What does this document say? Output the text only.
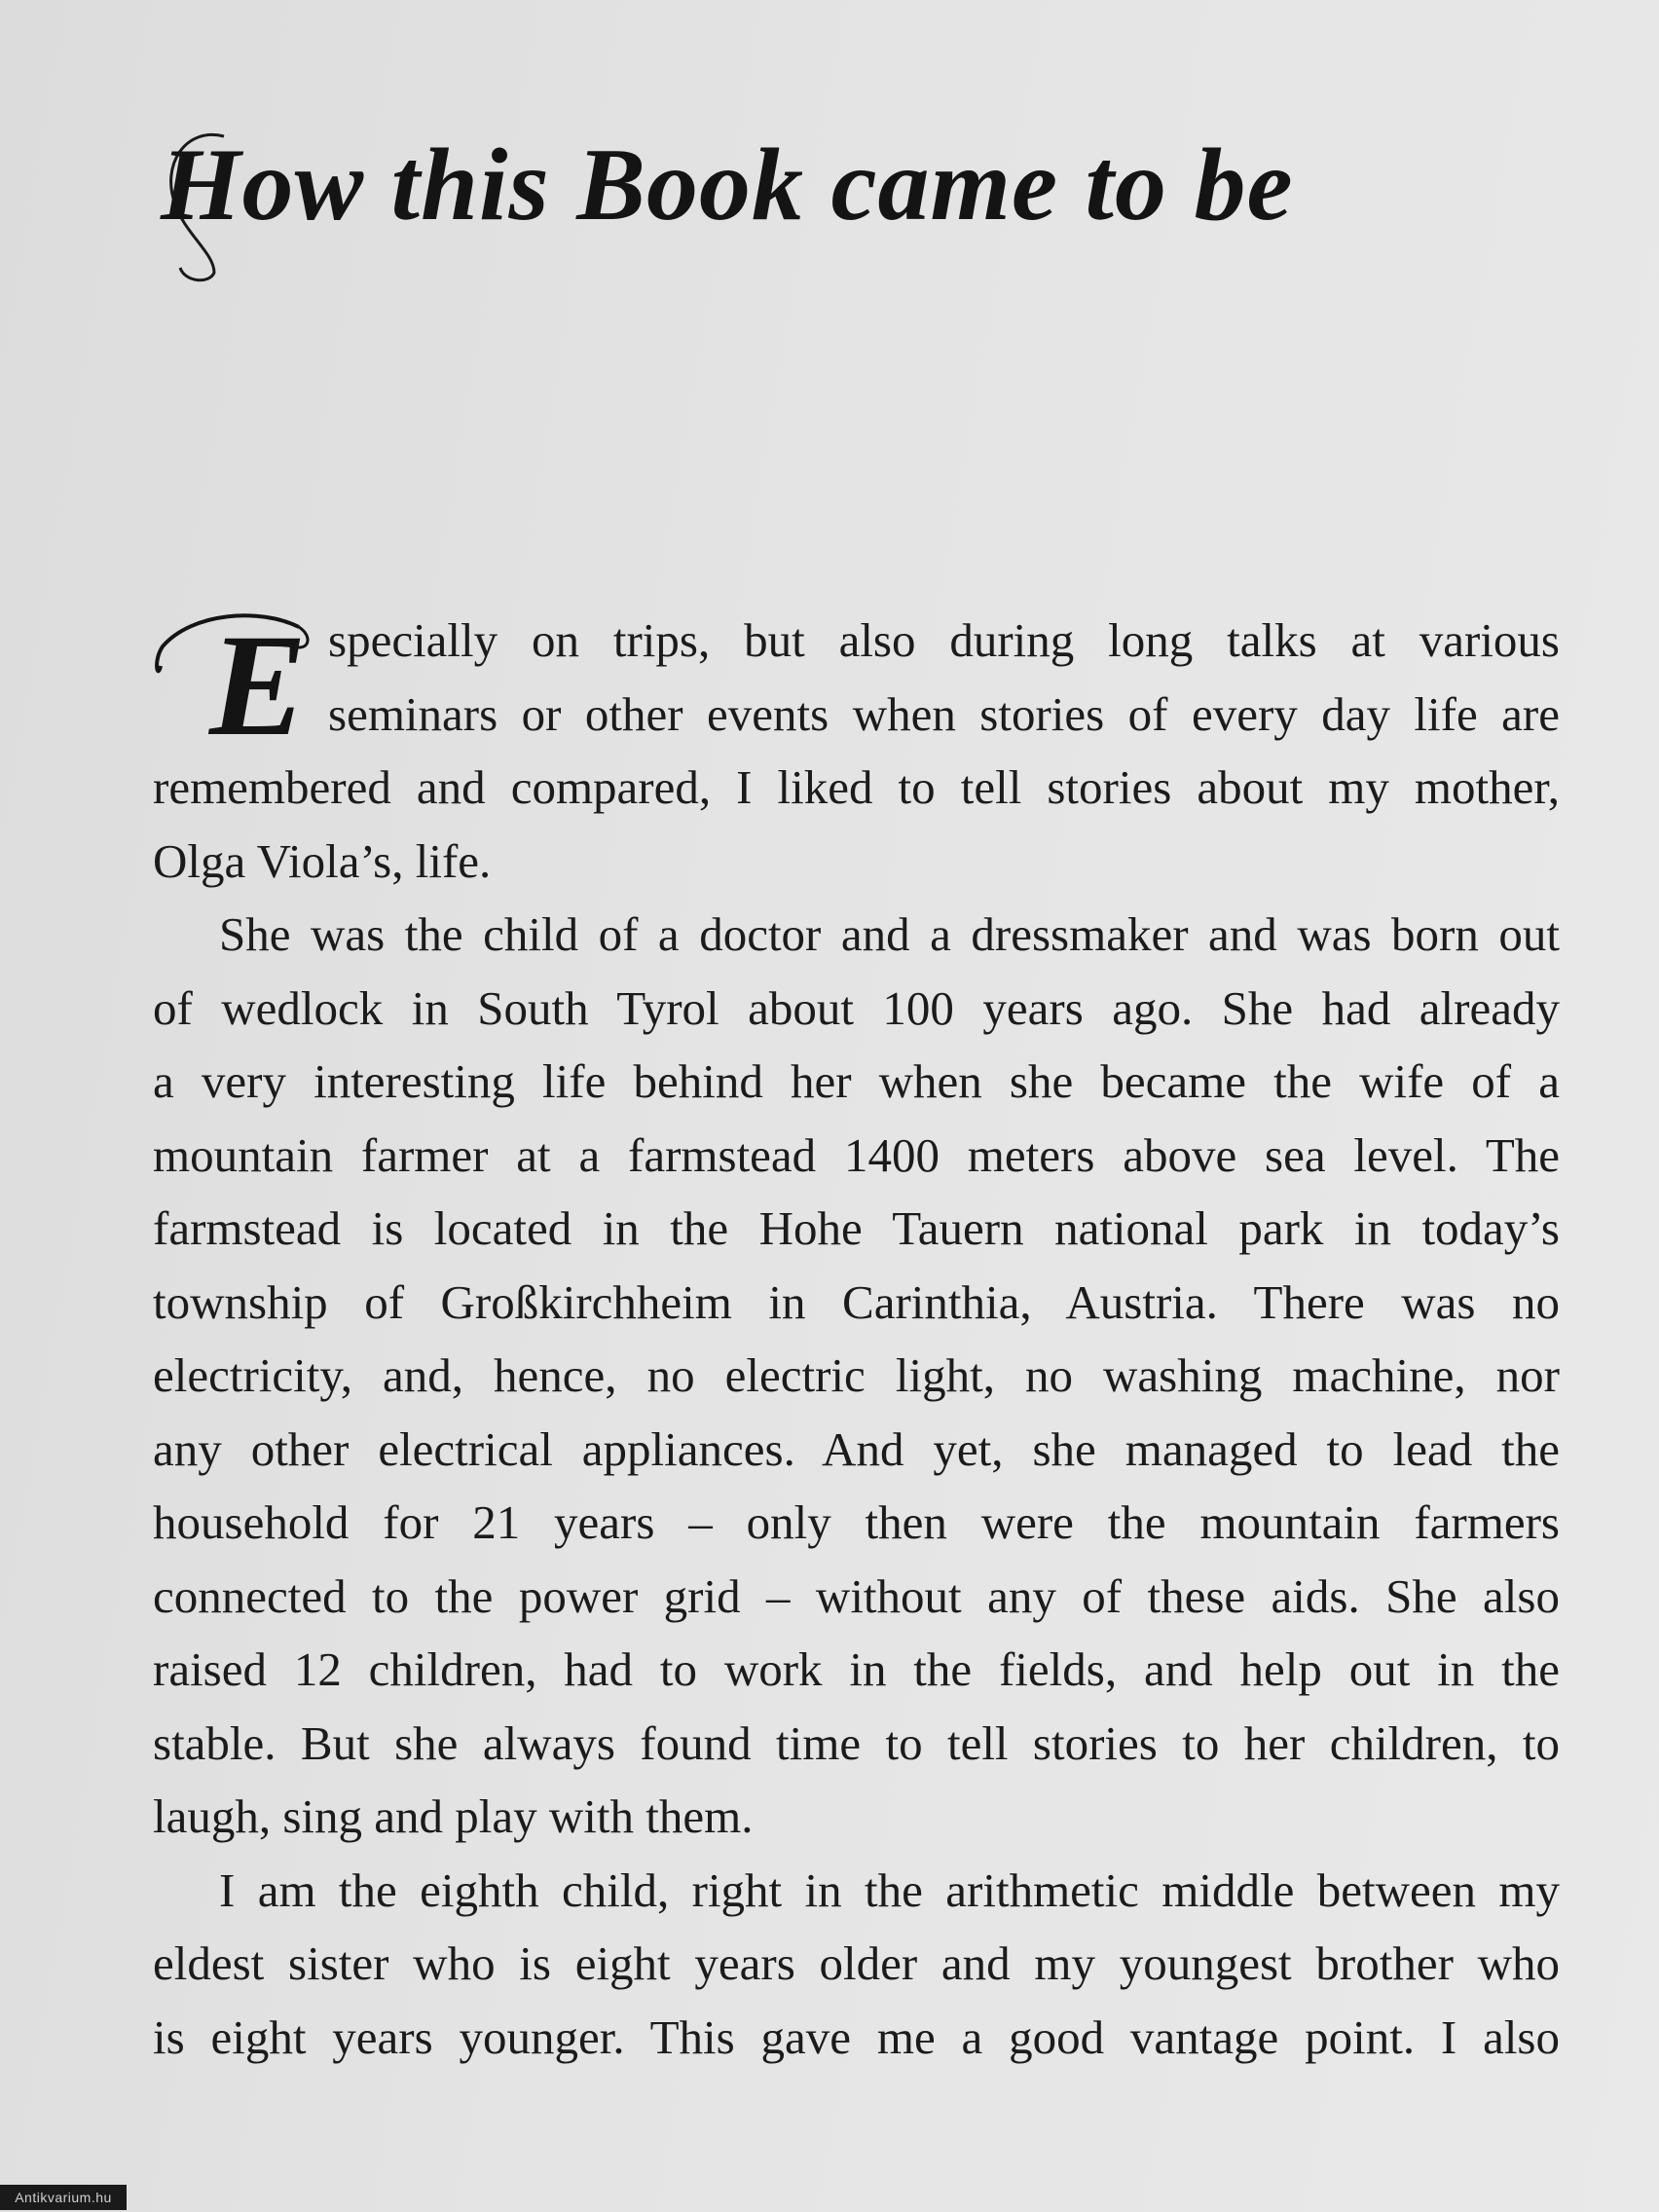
How this Book came to be
E specially on trips, but also during long talks at various
seminars or other events when stories of every day life are
remembered and compared, I liked to tell stories about my mother,
Olga Viola’s, life.
She was the child of a doctor and a dressmaker and was born out
of wedlock in South Tyrol about 100 years ago. She had already
a very interesting life behind her when she became the wife of a
mountain farmer at a farmstead 1400 meters above sea level. The
farmstead is located in the Hohe Tauern national park in today’s
township of Großkirchheim in Carinthia, Austria. There was no
electricity, and, hence, no electric light, no washing machine, nor
any other electrical appliances. And yet, she managed to lead the
household for 21 years – only then were the mountain farmers
connected to the power grid – without any of these aids. She also
raised 12 children, had to work in the fields, and help out in the
stable. But she always found time to tell stories to her children, to
laugh, sing and play with them.
I am the eighth child, right in the arithmetic middle between my
eldest sister who is eight years older and my youngest brother who
is eight years younger. This gave me a good vantage point. I also
Antikvarium.hu
